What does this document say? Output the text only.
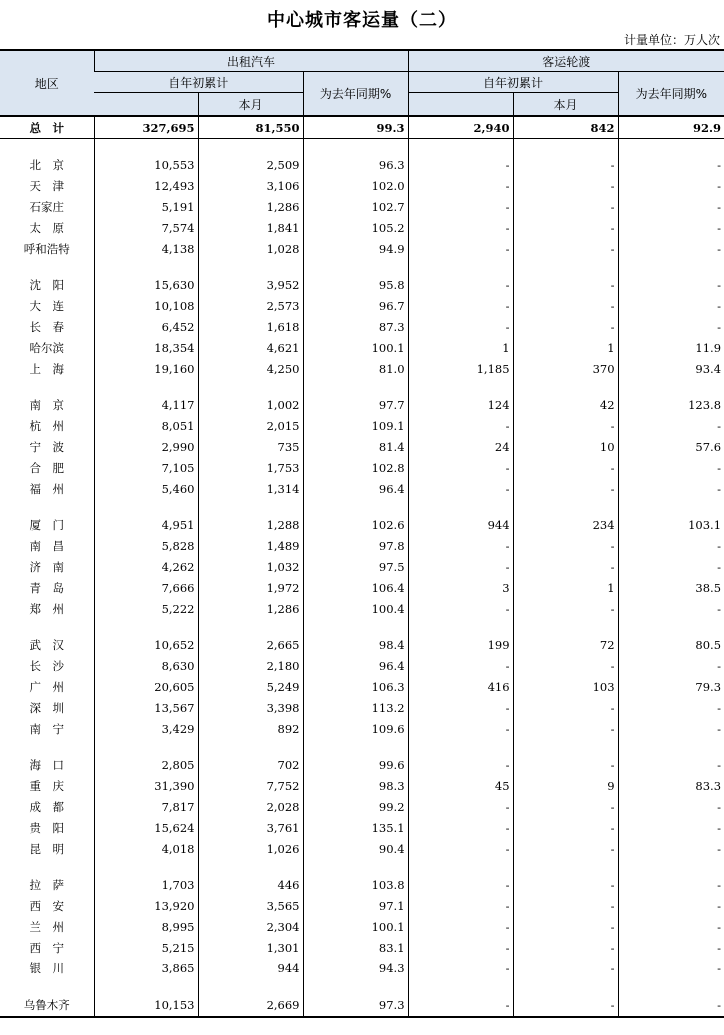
中心城市客运量（二）
计量单位：万人次
地区	出租汽车			客运轮渡		
	自年初累计		为去年同期%	自年初累计		为去年同期%
		本月			本月	
总　计	327,695	81,550	99.3	2,940	842	92.9

北　京	10,553	2,509	96.3	-	-	-
天　津	12,493	3,106	102.0	-	-	-
石家庄	5,191	1,286	102.7	-	-	-
太　原	7,574	1,841	105.2	-	-	-
呼和浩特	4,138	1,028	94.9	-	-	-

沈　阳	15,630	3,952	95.8	-	-	-
大　连	10,108	2,573	96.7	-	-	-
长　春	6,452	1,618	87.3	-	-	-
哈尔滨	18,354	4,621	100.1	1	1	11.9
上　海	19,160	4,250	81.0	1,185	370	93.4

南　京	4,117	1,002	97.7	124	42	123.8
杭　州	8,051	2,015	109.1	-	-	-
宁　波	2,990	735	81.4	24	10	57.6
合　肥	7,105	1,753	102.8	-	-	-
福　州	5,460	1,314	96.4	-	-	-

厦　门	4,951	1,288	102.6	944	234	103.1
南　昌	5,828	1,489	97.8	-	-	-
济　南	4,262	1,032	97.5	-	-	-
青　岛	7,666	1,972	106.4	3	1	38.5
郑　州	5,222	1,286	100.4	-	-	-

武　汉	10,652	2,665	98.4	199	72	80.5
长　沙	8,630	2,180	96.4	-	-	-
广　州	20,605	5,249	106.3	416	103	79.3
深　圳	13,567	3,398	113.2	-	-	-
南　宁	3,429	892	109.6	-	-	-

海　口	2,805	702	99.6	-	-	-
重　庆	31,390	7,752	98.3	45	9	83.3
成　都	7,817	2,028	99.2	-	-	-
贵　阳	15,624	3,761	135.1	-	-	-
昆　明	4,018	1,026	90.4	-	-	-

拉　萨	1,703	446	103.8	-	-	-
西　安	13,920	3,565	97.1	-	-	-
兰　州	8,995	2,304	100.1	-	-	-
西　宁	5,215	1,301	83.1	-	-	-
银　川	3,865	944	94.3	-	-	-

乌鲁木齐	10,153	2,669	97.3	-	-	-
